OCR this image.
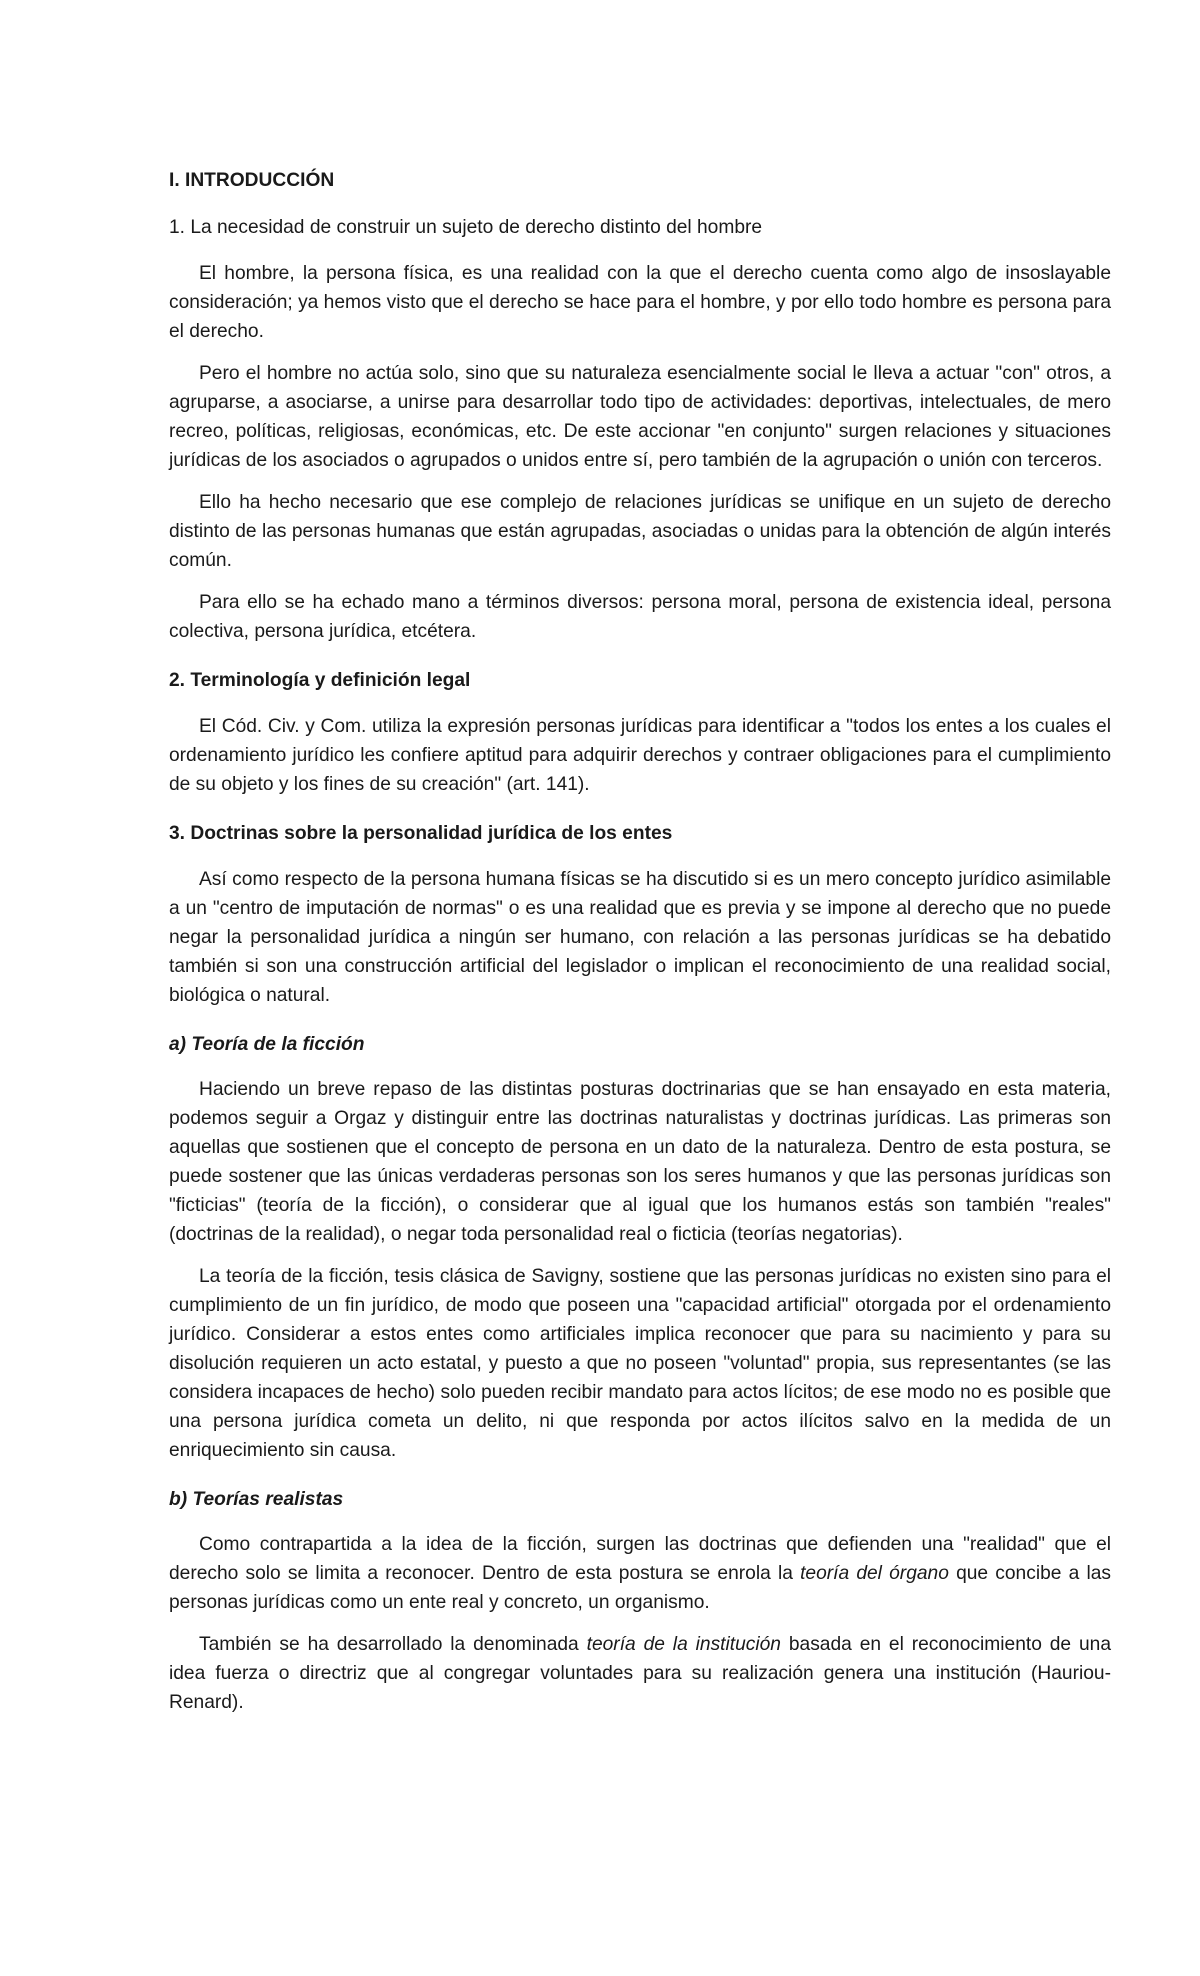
I. INTRODUCCIÓN
1. La necesidad de construir un sujeto de derecho distinto del hombre

El hombre, la persona física, es una realidad con la que el derecho cuenta como algo de insoslayable consideración; ya hemos visto que el derecho se hace para el hombre, y por ello todo hombre es persona para el derecho.

Pero el hombre no actúa solo, sino que su naturaleza esencialmente social le lleva a actuar "con" otros, a agruparse, a asociarse, a unirse para desarrollar todo tipo de actividades: deportivas, intelectuales, de mero recreo, políticas, religiosas, económicas, etc. De este accionar "en conjunto" surgen relaciones y situaciones jurídicas de los asociados o agrupados o unidos entre sí, pero también de la agrupación o unión con terceros.

Ello ha hecho necesario que ese complejo de relaciones jurídicas se unifique en un sujeto de derecho distinto de las personas humanas que están agrupadas, asociadas o unidas para la obtención de algún interés común.

Para ello se ha echado mano a términos diversos: persona moral, persona de existencia ideal, persona colectiva, persona jurídica, etcétera.

2. Terminología y definición legal

El Cód. Civ. y Com. utiliza la expresión personas jurídicas para identificar a "todos los entes a los cuales el ordenamiento jurídico les confiere aptitud para adquirir derechos y contraer obligaciones para el cumplimiento de su objeto y los fines de su creación" (art. 141).

3. Doctrinas sobre la personalidad jurídica de los entes

Así como respecto de la persona humana físicas se ha discutido si es un mero concepto jurídico asimilable a un "centro de imputación de normas" o es una realidad que es previa y se impone al derecho que no puede negar la personalidad jurídica a ningún ser humano, con relación a las personas jurídicas se ha debatido también si son una construcción artificial del legislador o implican el reconocimiento de una realidad social, biológica o natural.

a) Teoría de la ficción

Haciendo un breve repaso de las distintas posturas doctrinarias que se han ensayado en esta materia, podemos seguir a Orgaz y distinguir entre las doctrinas naturalistas y doctrinas jurídicas. Las primeras son aquellas que sostienen que el concepto de persona en un dato de la naturaleza. Dentro de esta postura, se puede sostener que las únicas verdaderas personas son los seres humanos y que las personas jurídicas son "ficticias" (teoría de la ficción), o considerar que al igual que los humanos estás son también "reales" (doctrinas de la realidad), o negar toda personalidad real o ficticia (teorías negatorias).

La teoría de la ficción, tesis clásica de Savigny, sostiene que las personas jurídicas no existen sino para el cumplimiento de un fin jurídico, de modo que poseen una "capacidad artificial" otorgada por el ordenamiento jurídico. Considerar a estos entes como artificiales implica reconocer que para su nacimiento y para su disolución requieren un acto estatal, y puesto a que no poseen "voluntad" propia, sus representantes (se las considera incapaces de hecho) solo pueden recibir mandato para actos lícitos; de ese modo no es posible que una persona jurídica cometa un delito, ni que responda por actos ilícitos salvo en la medida de un enriquecimiento sin causa.

b) Teorías realistas

Como contrapartida a la idea de la ficción, surgen las doctrinas que defienden una "realidad" que el derecho solo se limita a reconocer. Dentro de esta postura se enrola la teoría del órgano que concibe a las personas jurídicas como un ente real y concreto, un organismo.

También se ha desarrollado la denominada teoría de la institución basada en el reconocimiento de una idea fuerza o directriz que al congregar voluntades para su realización genera una institución (Hauriou-Renard).
